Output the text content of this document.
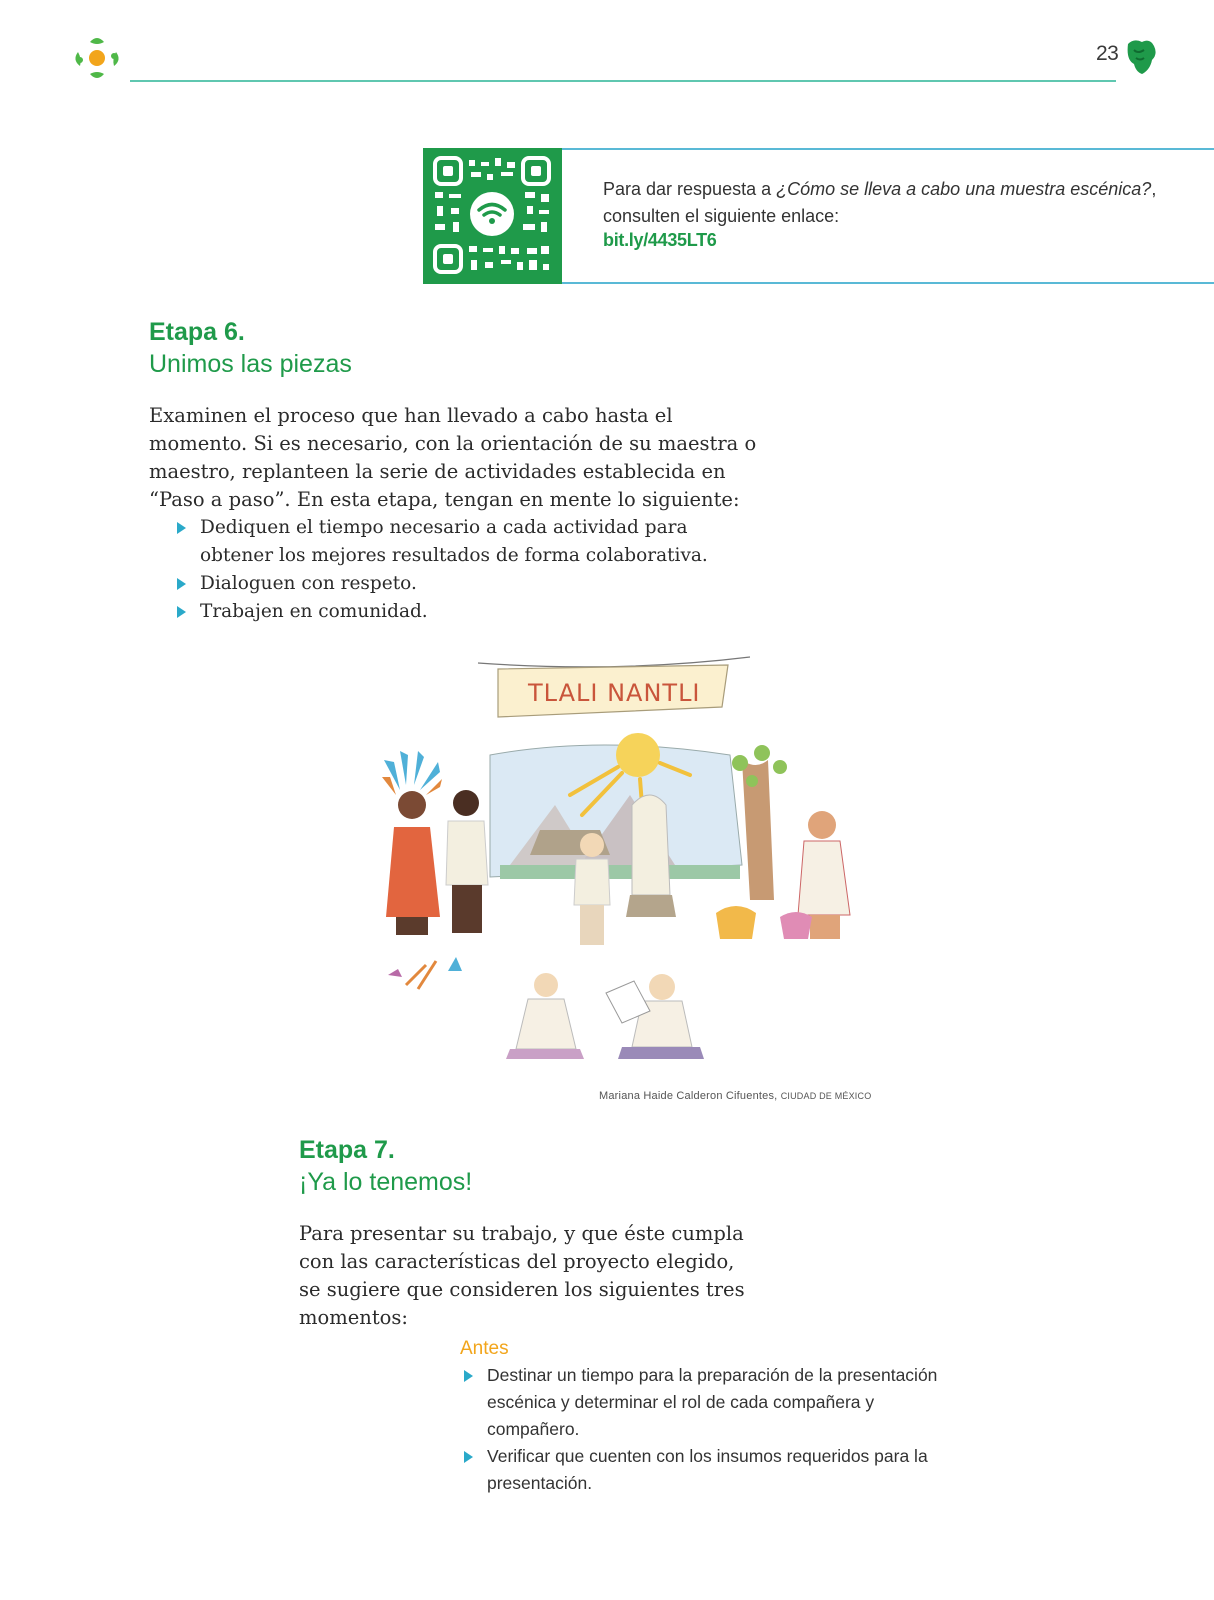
23
Para dar respuesta a ¿Cómo se lleva a cabo una muestra escénica?, consulten el siguiente enlace:
bit.ly/4435LT6
Etapa 6.
Unimos las piezas
Examinen el proceso que han llevado a cabo hasta el momento. Si es necesario, con la orientación de su maestra o maestro, replanteen la serie de actividades establecida en “Paso a paso”. En esta etapa, tengan en mente lo siguiente:
Dediquen el tiempo necesario a cada actividad para obtener los mejores resultados de forma colaborativa.
Dialoguen con respeto.
Trabajen en comunidad.
TLALI NANTLI
Mariana Haide Calderon Cifuentes, CIUDAD DE MÉXICO
Etapa 7.
¡Ya lo tenemos!
Para presentar su trabajo, y que éste cumpla con las características del proyecto elegido, se sugiere que consideren los siguientes tres momentos:
Antes
Destinar un tiempo para la preparación de la presentación escénica y determinar el rol de cada compañera y compañero.
Verificar que cuenten con los insumos requeridos para la presentación.
